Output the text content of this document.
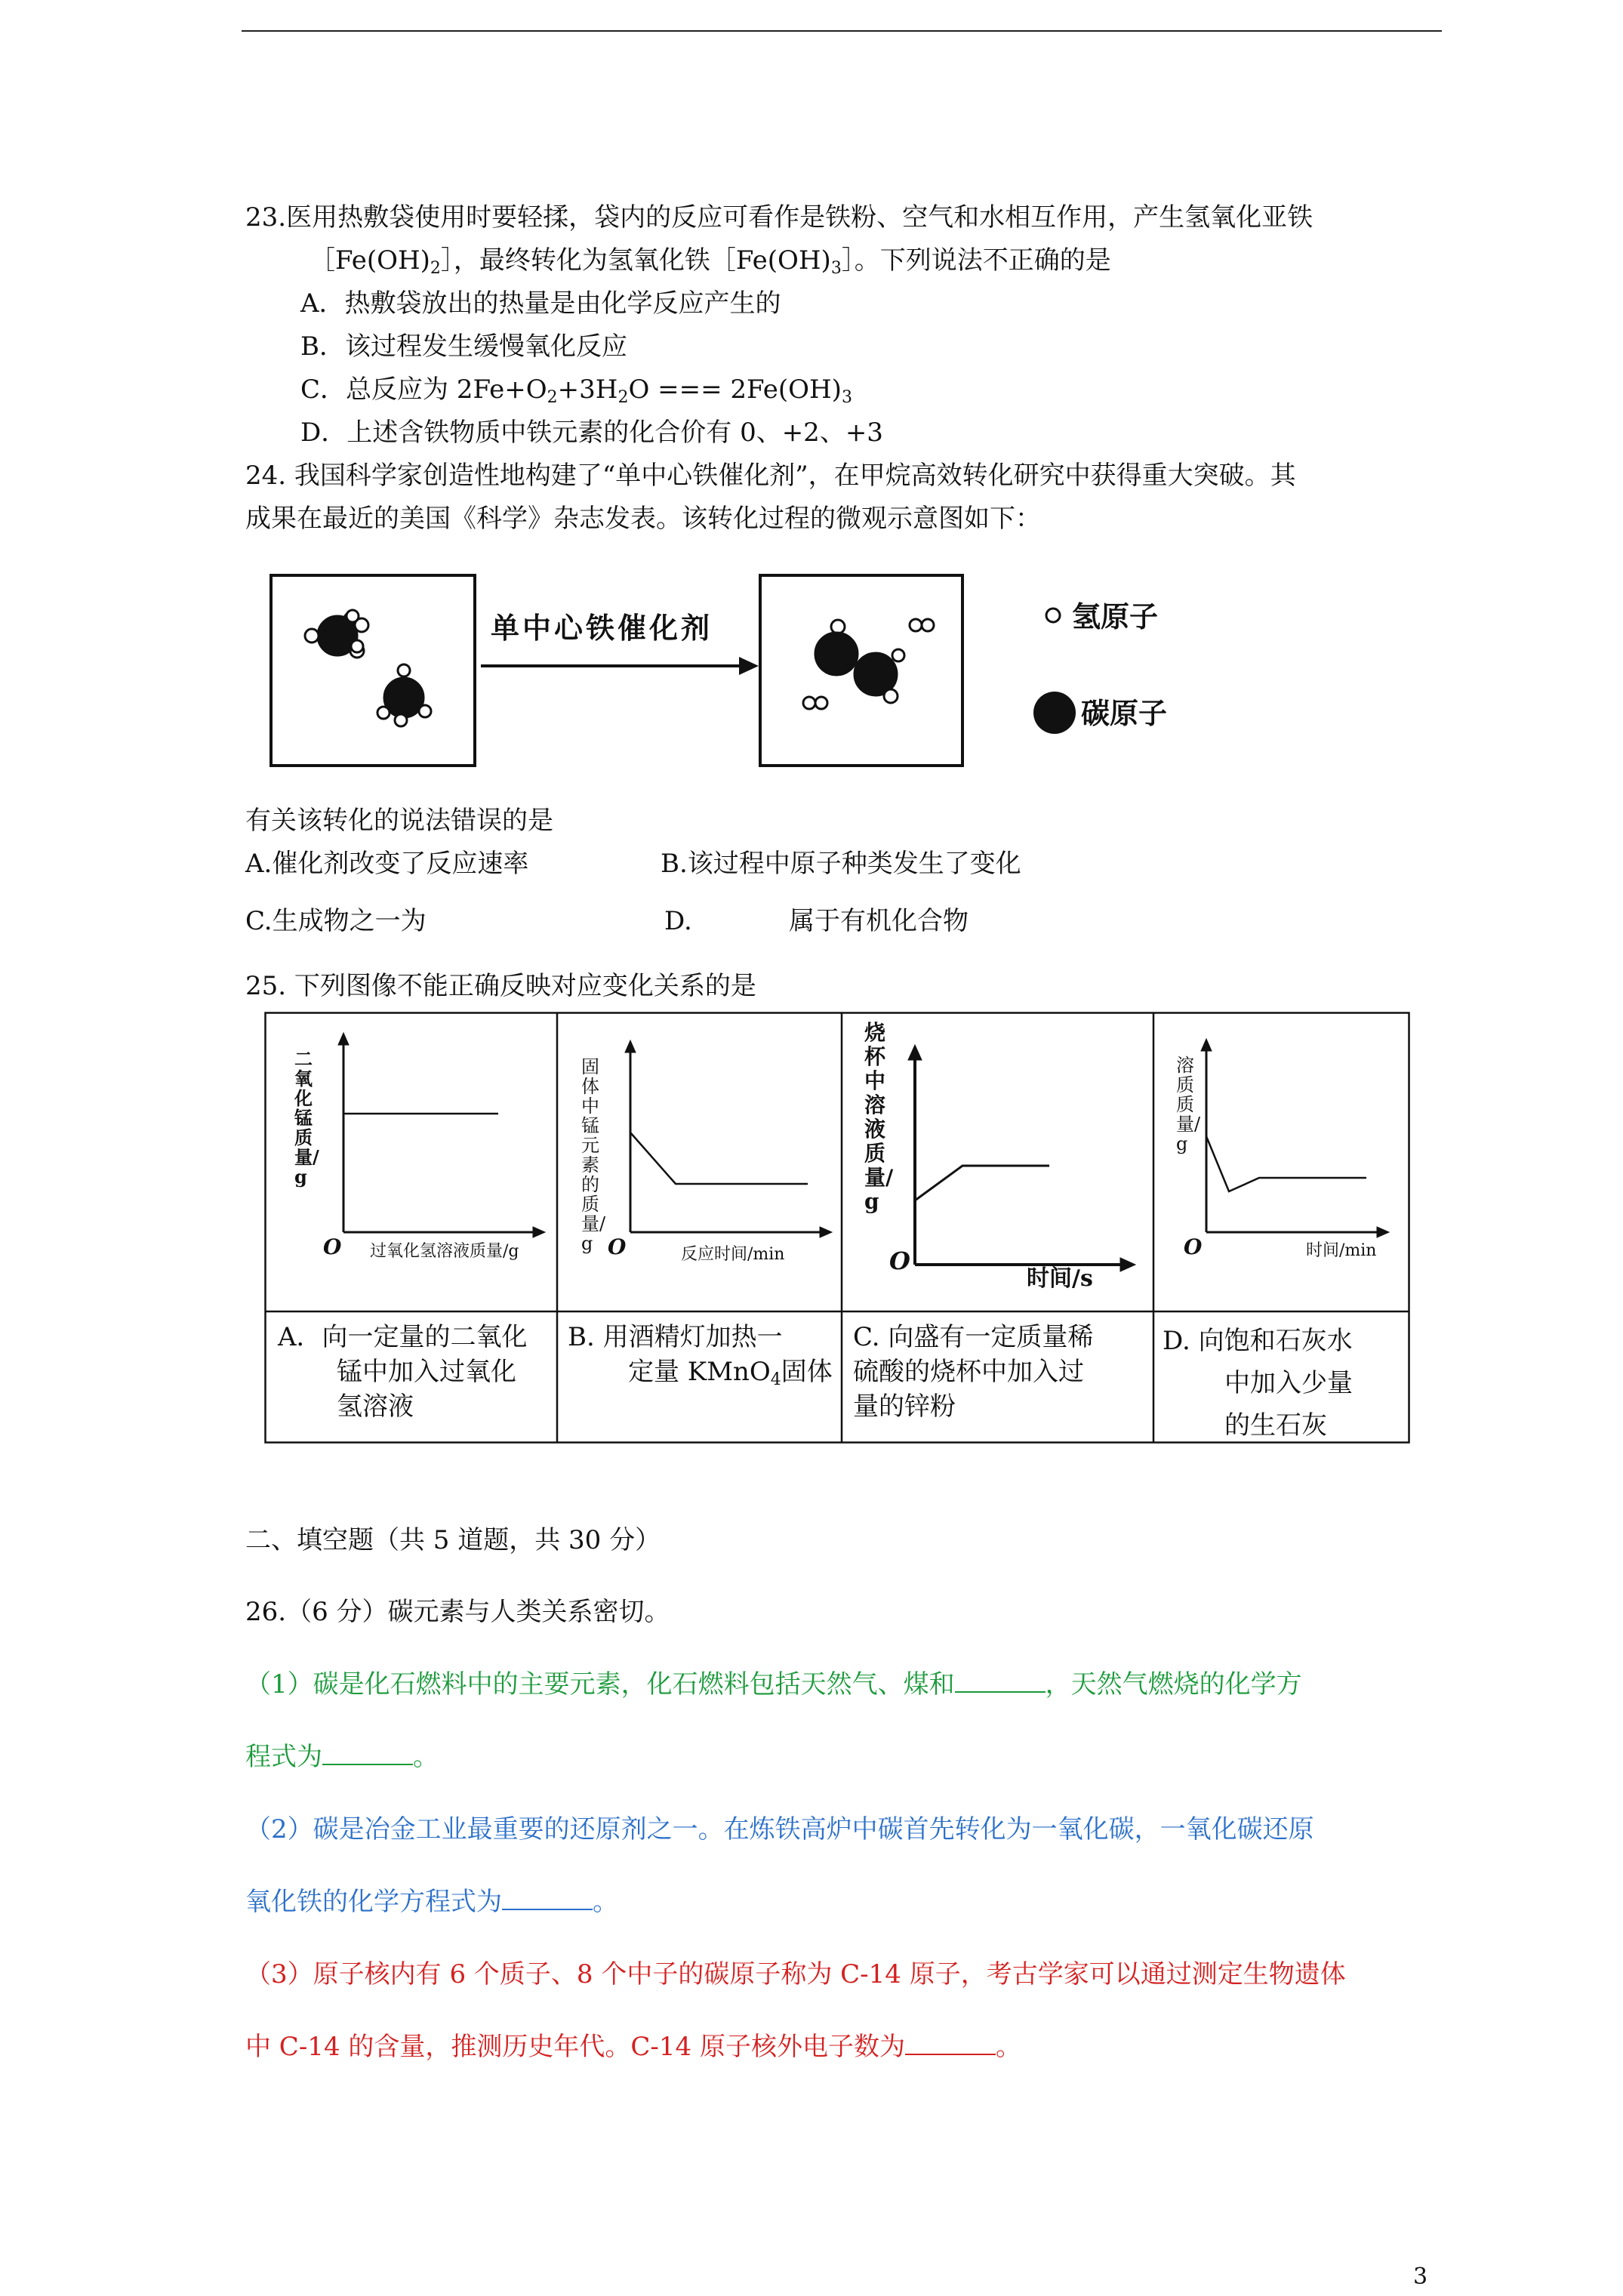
23.医用热敷袋使用时要轻揉，袋内的反应可看作是铁粉、空气和水相互作用，产生氢氧化亚铁
$[Fe(OH)_2]$，最终转化为氢氧化铁$[Fe(OH)_3]$。下列说法不正确的是
A．热敷袋放出的热量是由化学反应产生的
B．该过程发生缓慢氧化反应
C．总反应为 $2Fe+O_2+3H_2O$ === $2Fe(OH)_3$
D．上述含铁物质中铁元素的化合价有 0、+2、+3
24. 我国科学家创造性地构建了“单中心铁催化剂”，在甲烷高效转化研究中获得重大突破。其
成果在最近的美国《科学》杂志发表。该转化过程的微观示意图如下：
单中心铁催化剂	氢原子
碳原子
有关该转化的说法错误的是
A.催化剂改变了反应速率	B.该过程中原子种类发生了变化
C.生成物之一为	D.	属于有机化合物
25. 下列图像不能正确反映对应变化关系的是
二氧化锰质量/g
O 过氧化氢溶液质量/g
固体中锰元素的质量/g O	反应时间/min
烧杯中溶液质量/g
O
时间/s
溶质质量/g
O	时间/min
A．向一定量的二氧化
锰中加入过氧化
氢溶液
B. 用酒精灯加热一
定量 KMnO$_4$固体
C. 向盛有一定质量稀
硫酸的烧杯中加入过
量的锌粉
D. 向饱和石灰水
中加入少量
的生石灰
二、填空题（共 5 道题，共 30 分）
26.（6 分）碳元素与人类关系密切。
（1）碳是化石燃料中的主要元素，化石燃料包括天然气、煤和	，天然气燃烧的化学方
程式为	。
（2）碳是冶金工业最重要的还原剂之一。在炼铁高炉中碳首先转化为一氧化碳，一氧化碳还原
氧化铁的化学方程式为	。
（3）原子核内有 6 个质子、8 个中子的碳原子称为 C-14 原子，考古学家可以通过测定生物遗体
中 C-14 的含量，推测历史年代。C-14 原子核外电子数为	。
3
